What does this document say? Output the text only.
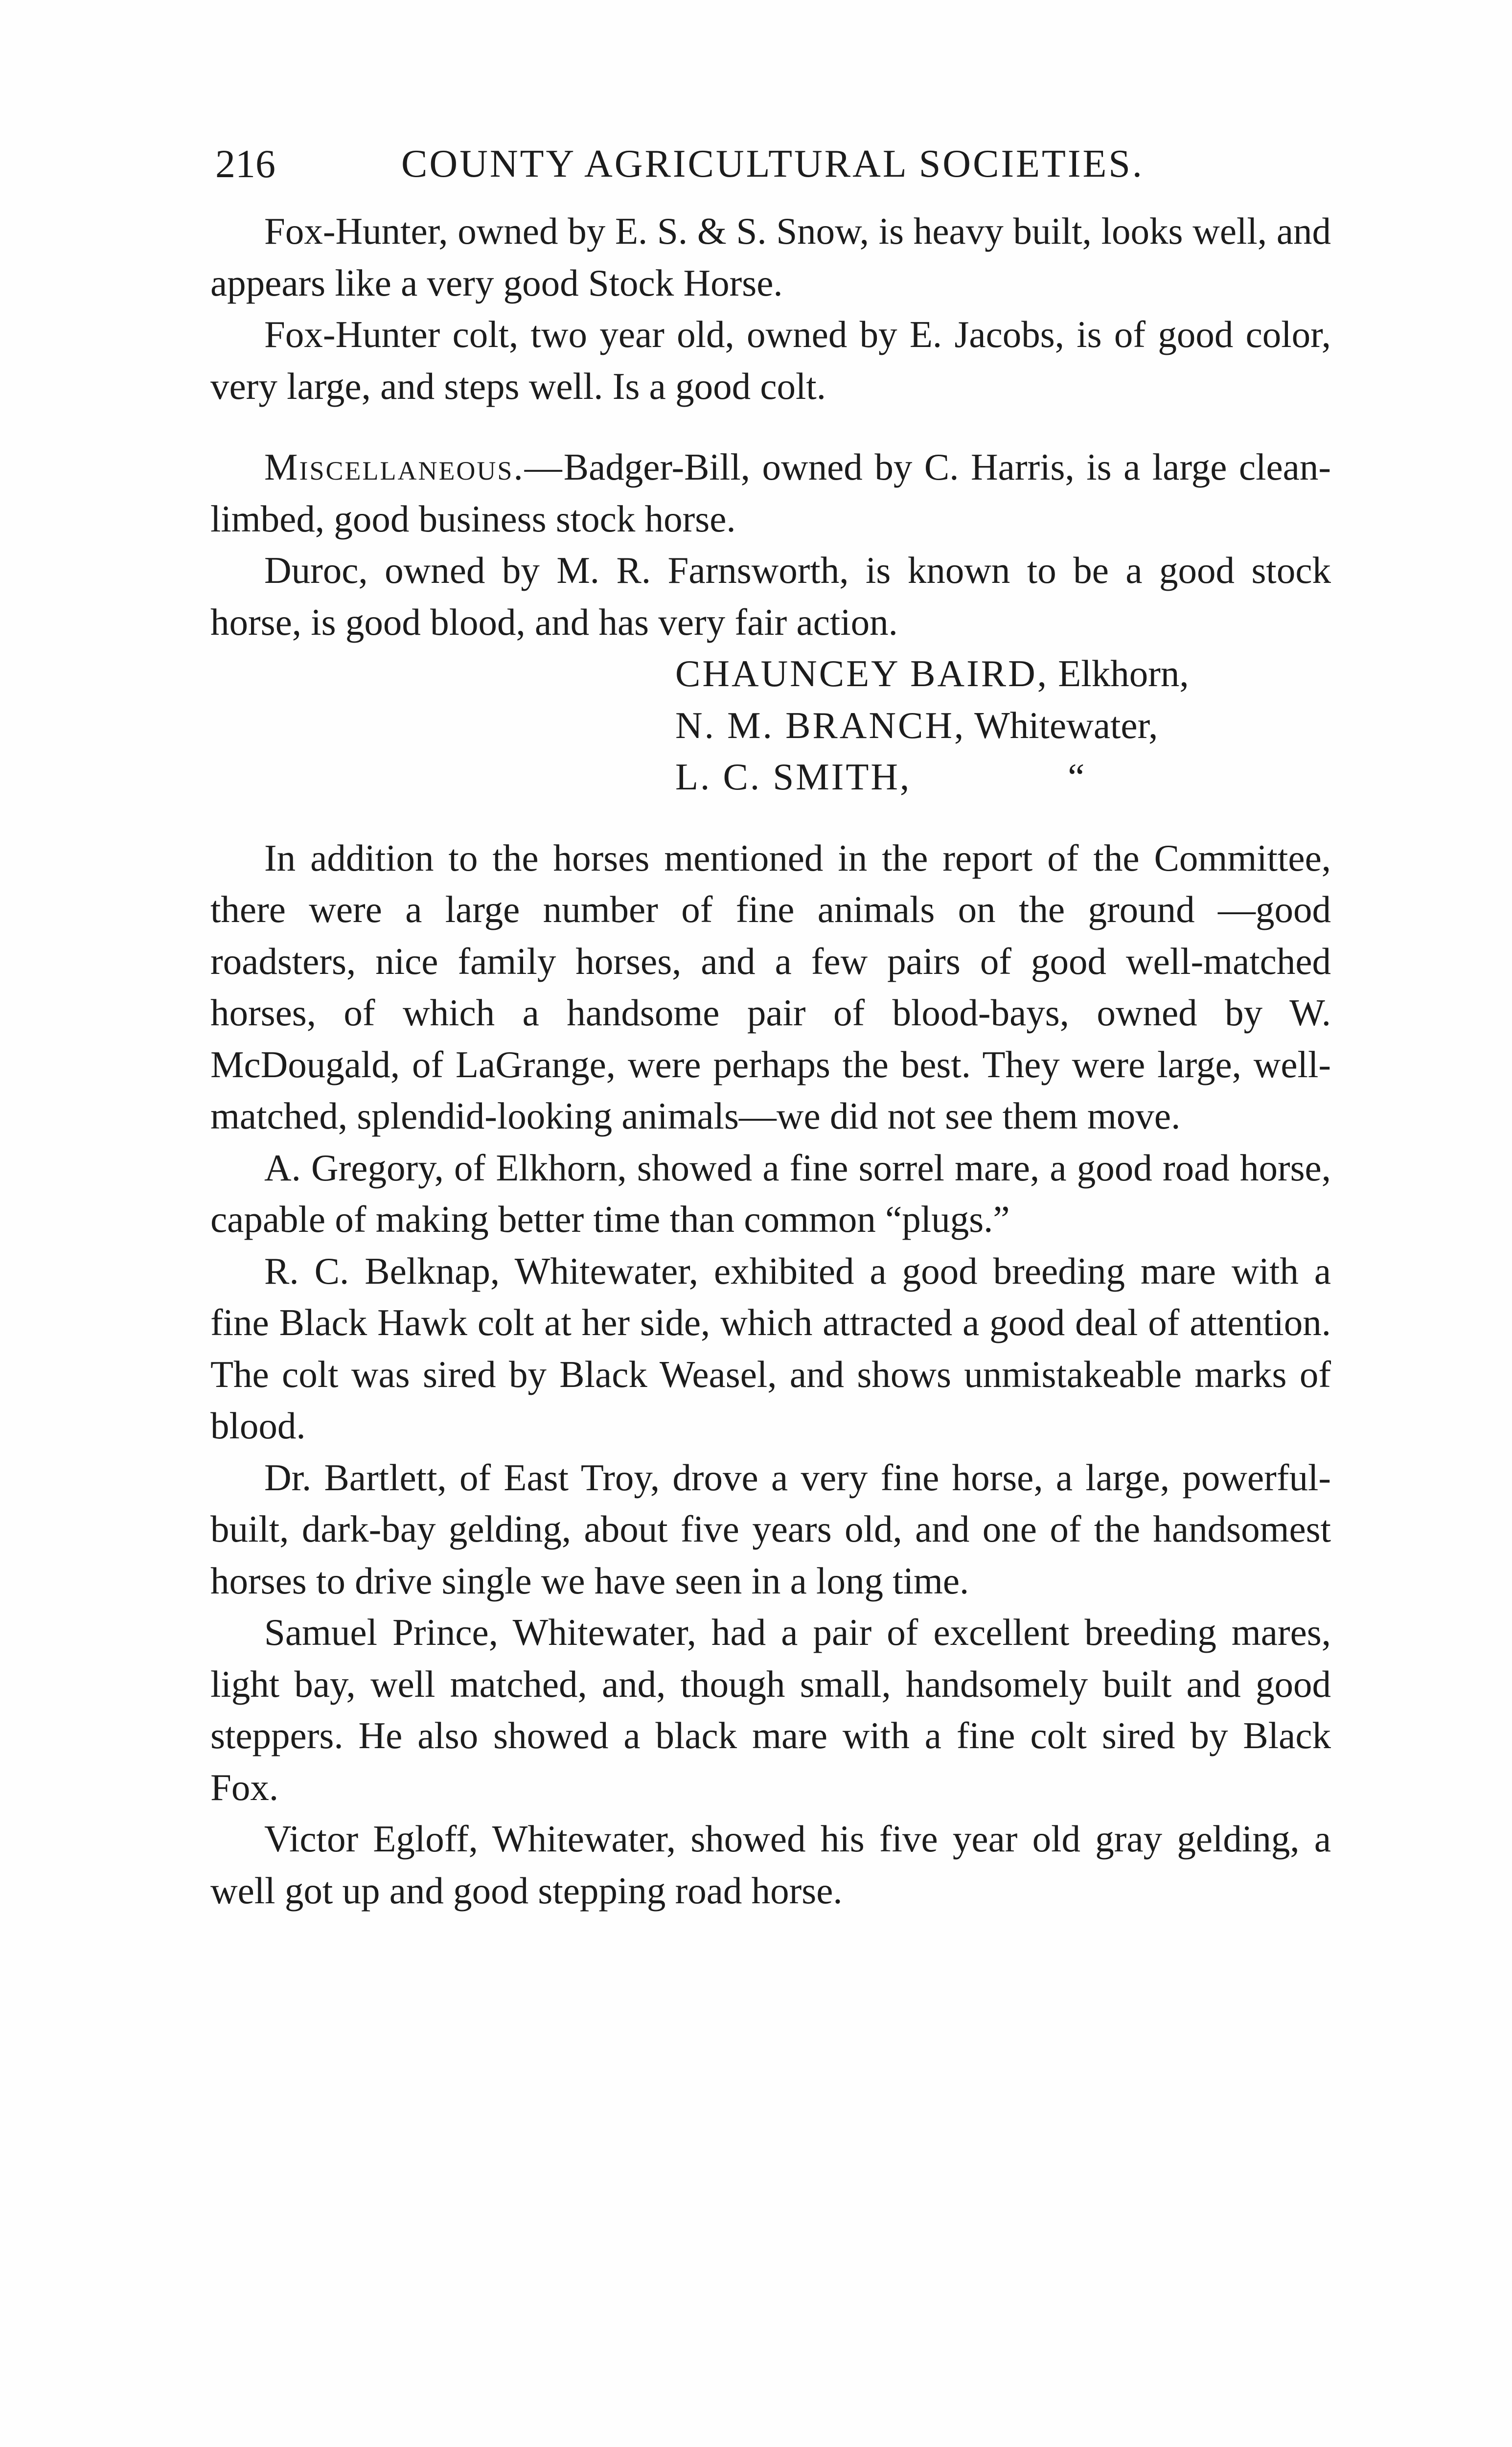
216	COUNTY AGRICULTURAL SOCIETIES.

Fox-Hunter, owned by E. S. & S. Snow, is heavy built, looks well, and appears like a very good Stock Horse.

Fox-Hunter colt, two year old, owned by E. Jacobs, is of good color, very large, and steps well. Is a good colt.

Miscellaneous.—Badger-Bill, owned by C. Harris, is a large clean-limbed, good business stock horse.

Duroc, owned by M. R. Farnsworth, is known to be a good stock horse, is good blood, and has very fair action.

CHAUNCEY BAIRD, Elkhorn,
N. M. BRANCH, Whitewater,
L. C. SMITH,	“

In addition to the horses mentioned in the report of the Committee, there were a large number of fine animals on the ground —good roadsters, nice family horses, and a few pairs of good well-matched horses, of which a handsome pair of blood-bays, owned by W. McDougald, of LaGrange, were perhaps the best. They were large, well-matched, splendid-looking animals—we did not see them move.

A. Gregory, of Elkhorn, showed a fine sorrel mare, a good road horse, capable of making better time than common “plugs.”

R. C. Belknap, Whitewater, exhibited a good breeding mare with a fine Black Hawk colt at her side, which attracted a good deal of attention. The colt was sired by Black Weasel, and shows unmistakeable marks of blood.

Dr. Bartlett, of East Troy, drove a very fine horse, a large, powerful-built, dark-bay gelding, about five years old, and one of the handsomest horses to drive single we have seen in a long time.

Samuel Prince, Whitewater, had a pair of excellent breeding mares, light bay, well matched, and, though small, handsomely built and good steppers. He also showed a black mare with a fine colt sired by Black Fox.

Victor Egloff, Whitewater, showed his five year old gray gelding, a well got up and good stepping road horse.
